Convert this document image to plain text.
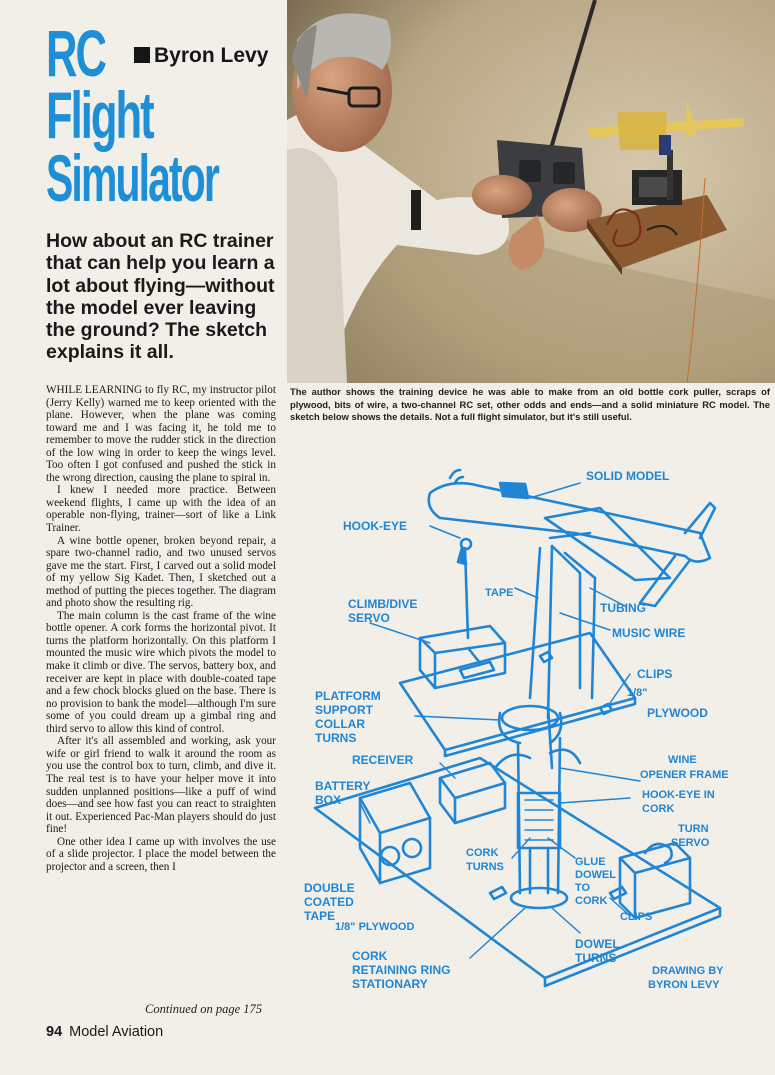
RC
Flight
Simulator
Byron Levy
How about an RC trainer that can help you learn a lot about flying—without the model ever leaving the ground? The sketch explains it all.
The author shows the training device he was able to make from an old bottle cork puller, scraps of plywood, bits of wire, a two-channel RC set, other odds and ends—and a solid miniature RC model. The sketch below shows the details. Not a full flight simulator, but it's still useful.

WHILE LEARNING to fly RC, my instructor pilot (Jerry Kelly) warned me to keep oriented with the plane. However, when the plane was coming toward me and I was facing it, he told me to remember to move the rudder stick in the direction of the low wing in order to keep the wings level. Too often I got confused and pushed the stick in the wrong direction, causing the plane to spiral in.

I knew I needed more practice. Between weekend flights, I came up with the idea of an operable non-flying, trainer—sort of like a Link Trainer.

A wine bottle opener, broken beyond repair, a spare two-channel radio, and two unused servos gave me the start. First, I carved out a solid model of my yellow Sig Kadet. Then, I sketched out a method of putting the pieces together. The diagram and photo show the resulting rig.

The main column is the cast frame of the wine bottle opener. A cork forms the horizontal pivot. It turns the platform horizontally. On this platform I mounted the music wire which pivots the model to make it climb or dive. The servos, battery box, and receiver are kept in place with double-coated tape and a few chock blocks glued on the base. There is no provision to bank the model—although I'm sure some of you could dream up a gimbal ring and third servo to allow this kind of control.

After it's all assembled and working, ask your wife or girl friend to walk it around the room as you use the control box to turn, climb, and dive it. The real test is to have your helper move it into sudden unplanned positions—like a puff of wind does—and see how fast you can react to straighten it out. Experienced Pac-Man players should do just fine!

One other idea I came up with involves the use of a slide projector. I place the model between the projector and a screen, then I

Continued on page 175
SOLID MODEL
HOOK-EYE
TAPE
TUBING
CLIMB/DIVE
SERVO
MUSIC WIRE
CLIPS
1/8"
PLYWOOD
PLATFORM
SUPPORT
COLLAR
TURNS
RECEIVER	WINE
OPENER FRAME
BATTERY
BOX	HOOK-EYE IN
CORK
TURN
SERVO
CORK
TURNS	GLUE
DOWEL
TO
CORK
DOUBLE
COATED
TAPE
1/8" PLYWOOD
CLIPS
CORK
RETAINING RING
STATIONARY
DOWEL
TURNS
DRAWING BY
BYRON LEVY
94 Model Aviation
